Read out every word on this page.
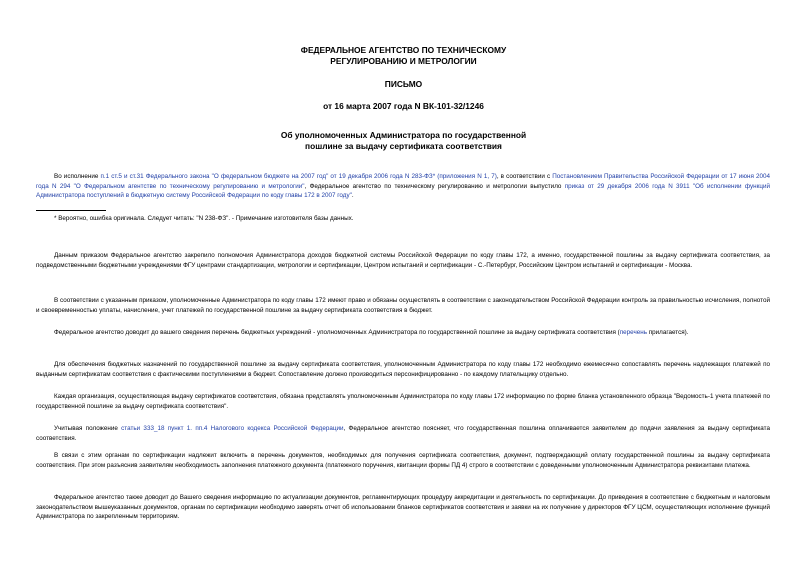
ФЕДЕРАЛЬНОЕ АГЕНТСТВО ПО ТЕХНИЧЕСКОМУ
РЕГУЛИРОВАНИЮ И МЕТРОЛОГИИ
ПИСЬМО
от 16 марта 2007 года N ВК-101-32/1246
Об уполномоченных Администратора по государственной
пошлине за выдачу сертификата соответствия

Во исполнение п.1 ст.5 и ст.31 Федерального закона "О федеральном бюджете на 2007 год" от 19 декабря 2006 года N 283-ФЗ* (приложения N 1, 7), в соответствии с Постановлением Правительства Российской Федерации от 17 июня 2004 года N 294 "О Федеральном агентстве по техническому регулированию и метрологии", Федеральное агентство по техническому регулированию и метрологии выпустило приказ от 29 декабря 2006 года N 3911 "Об исполнении функций Администратора поступлений в бюджетную систему Российской Федерации по коду главы 172 в 2007 году".

* Вероятно, ошибка оригинала. Следует читать: "N 238-ФЗ". - Примечание изготовителя базы данных.

Данным приказом Федеральное агентство закрепило полномочия Администратора доходов бюджетной системы Российской Федерации по коду главы 172, а именно, государственной пошлины за выдачу сертификата соответствия, за подведомственными бюджетными учреждениями ФГУ центрами стандартизации, метрологии и сертификации, Центром испытаний и сертификации - С.-Петербург, Российским Центром испытаний и сертификации - Москва.

В соответствии с указанным приказом, уполномоченные Администратора по коду главы 172 имеют право и обязаны осуществлять в соответствии с законодательством Российской Федерации контроль за правильностью исчисления, полнотой и своевременностью уплаты, начисление, учет платежей по государственной пошлине за выдачу сертификата соответствия в бюджет.

Федеральное агентство доводит до вашего сведения перечень бюджетных учреждений - уполномоченных Администратора по государственной пошлине за выдачу сертификата соответствия (перечень прилагается).

Для обеспечения бюджетных назначений по государственной пошлине за выдачу сертификата соответствия, уполномоченным Администратора по коду главы 172 необходимо ежемесячно сопоставлять перечень надлежащих платежей по выданным сертификатам соответствия с фактическими поступлениями в бюджет. Сопоставление должно производиться персонифицированно - по каждому плательщику отдельно.

Каждая организация, осуществляющая выдачу сертификатов соответствия, обязана представлять уполномоченным Администратора по коду главы 172 информацию по форме бланка установленного образца "Ведомость-1 учета платежей по государственной пошлине за выдачу сертификата соответствия".

Учитывая положение статьи 333_18 пункт 1. пп.4 Налогового кодекса Российской Федерации, Федеральное агентство поясняет, что государственная пошлина оплачивается заявителем до подачи заявления за выдачу сертификата соответствия.

В связи с этим органам по сертификации надлежит включить в перечень документов, необходимых для получения сертификата соответствия, документ, подтверждающий оплату государственной пошлины за выдачу сертификата соответствия. При этом разъяснив заявителям необходимость заполнения платежного документа (платежного поручения, квитанции формы ПД 4) строго в соответствии с доведенными уполномоченным Администратора реквизитами платежа.

Федеральное агентство также доводит до Вашего сведения информацию по актуализации документов, регламентирующих процедуру аккредитации и деятельность по сертификации. До приведения в соответствие с бюджетным и налоговым законодательством вышеуказанных документов, органам по сертификации необходимо заверять отчет об использовании бланков сертификатов соответствия и заявки на их получение у директоров ФГУ ЦСМ, осуществляющих исполнение функций Администратора по закрепленным территориям.
